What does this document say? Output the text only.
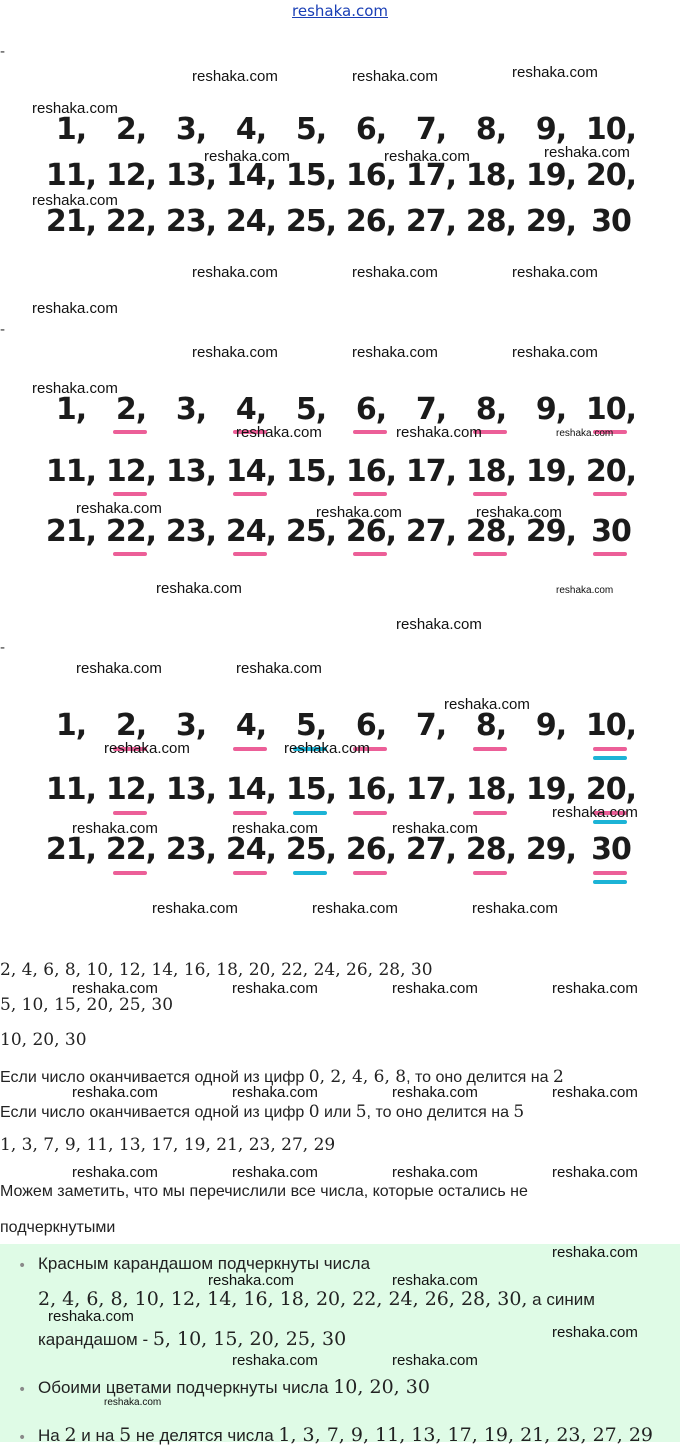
reshaka.com
-
-
-
1, 2, 3, 4, 5, 6, 7, 8, 9, 10,
11, 12, 13, 14, 15, 16, 17, 18, 19, 20,
21, 22, 23, 24, 25, 26, 27, 28, 29, 30
1, 2, 3, 4, 5, 6, 7, 8, 9, 10,
11, 12, 13, 14, 15, 16, 17, 18, 19, 20,
21, 22, 23, 24, 25, 26, 27, 28, 29, 30
1, 2, 3, 4, 5, 6, 7, 8, 9, 10,
11, 12, 13, 14, 15, 16, 17, 18, 19, 20,
21, 22, 23, 24, 25, 26, 27, 28, 29, 30
2, 4, 6, 8, 10, 12, 14, 16, 18, 20, 22, 24, 26, 28, 30
5, 10, 15, 20, 25, 30
10, 20, 30
Если число оканчивается одной из цифр 0, 2, 4, 6, 8, то оно делится на 2
Если число оканчивается одной из цифр 0 или 5, то оно делится на 5
1, 3, 7, 9, 11, 13, 17, 19, 21, 23, 27, 29
Можем заметить, что мы перечислили все числа, которые остались не
подчеркнутыми
• Красным карандашом подчеркнуты числа
2, 4, 6, 8, 10, 12, 14, 16, 18, 20, 22, 24, 26, 28, 30, а синим
карандашом - 5, 10, 15, 20, 25, 30
• Обоими цветами подчеркнуты числа 10, 20, 30
• На 2 и на 5 не делятся числа 1, 3, 7, 9, 11, 13, 17, 19, 21, 23, 27, 29
reshaka.com	reshaka.com	reshaka.com
reshaka.com
reshaka.com	reshaka.com	reshaka.com
reshaka.com
reshaka.com	reshaka.com	reshaka.com
reshaka.com
reshaka.com	reshaka.com	reshaka.com
reshaka.com
reshaka.com	reshaka.com	reshaka.com
reshaka.com	reshaka.com	reshaka.com
reshaka.com	reshaka.com
reshaka.com
reshaka.com	reshaka.com
reshaka.com
reshaka.com	reshaka.com
reshaka.com
reshaka.com	reshaka.com	reshaka.com
reshaka.com	reshaka.com	reshaka.com
reshaka.com	reshaka.com	reshaka.com	reshaka.com
reshaka.com	reshaka.com	reshaka.com	reshaka.com
reshaka.com	reshaka.com	reshaka.com	reshaka.com
reshaka.com
reshaka.com	reshaka.com
reshaka.com
reshaka.com
reshaka.com	reshaka.com
reshaka.com
